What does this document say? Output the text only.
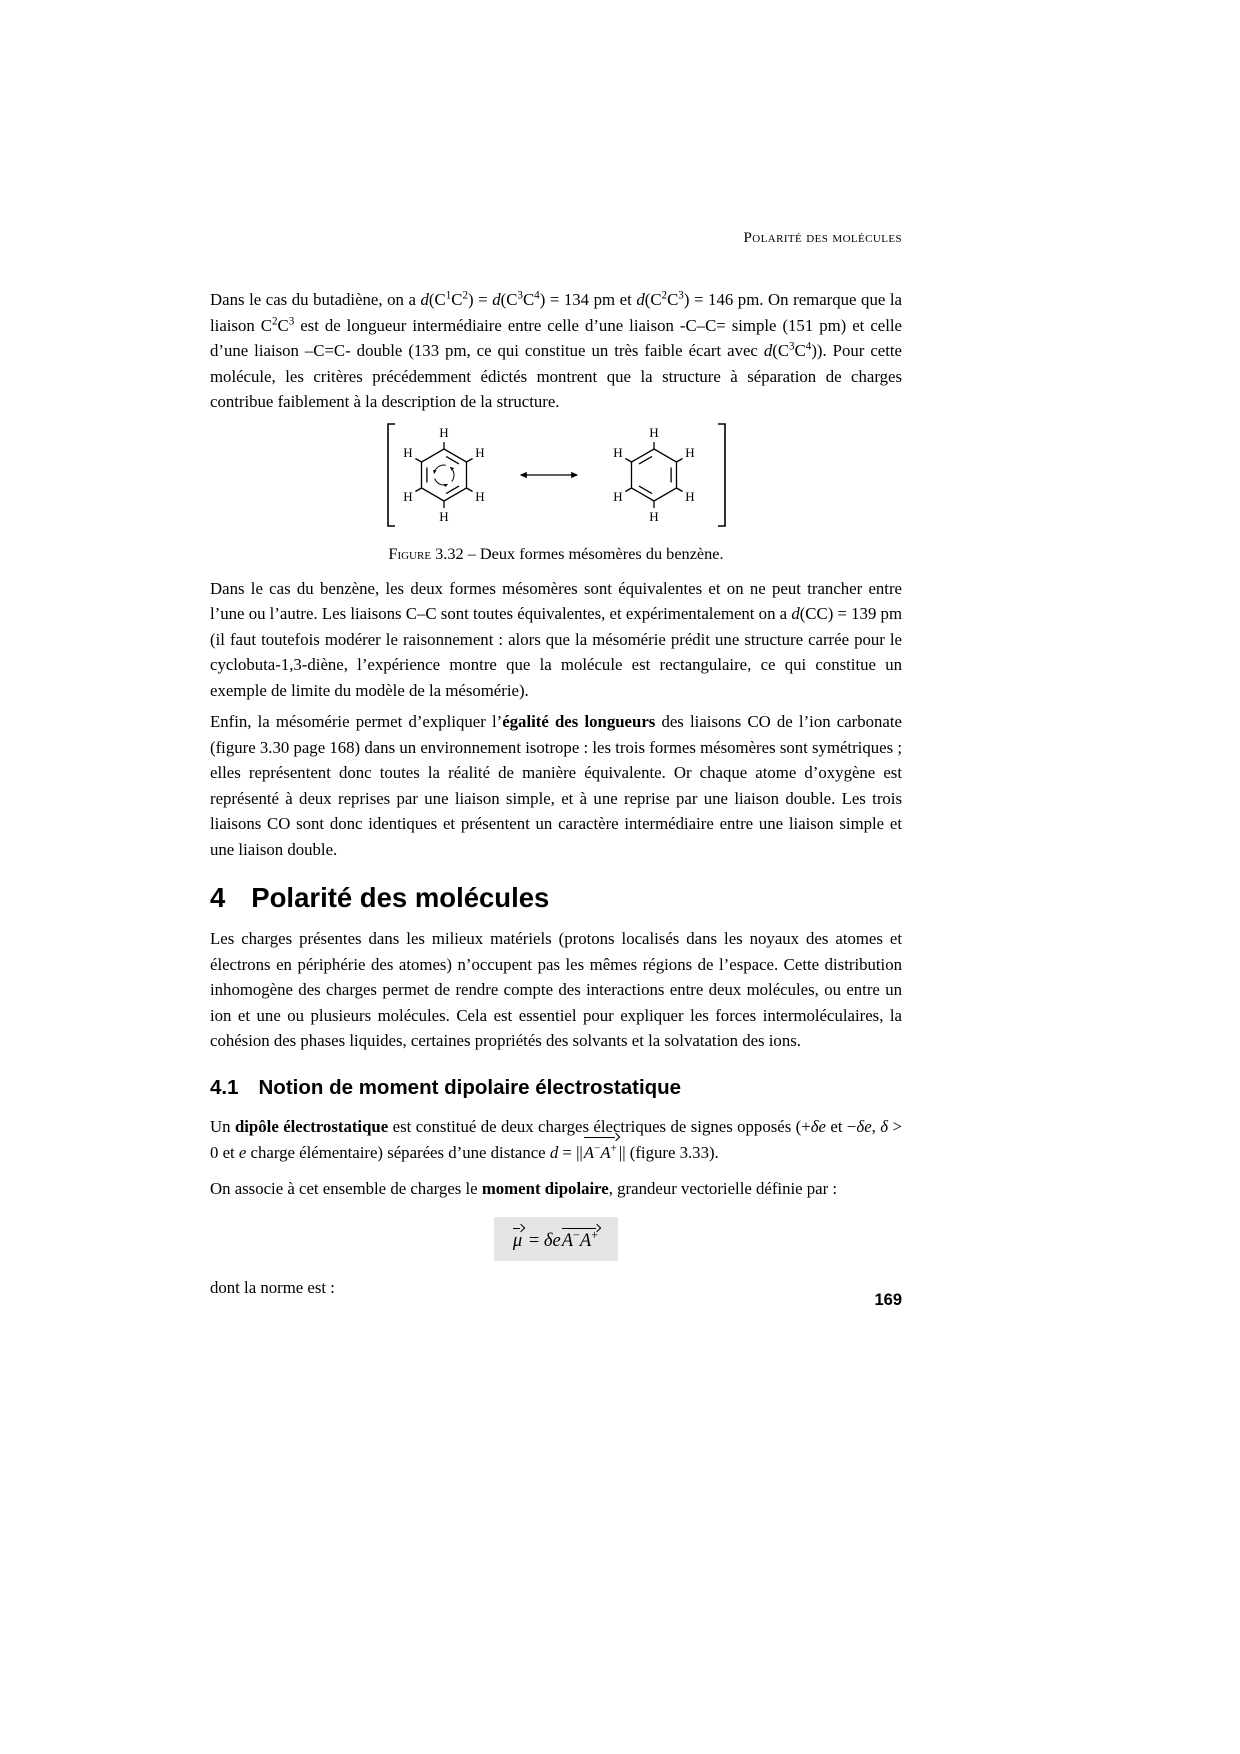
Polarité des molécules

Dans le cas du butadiène, on a $d(C^1C^2) = d(C^3C^4) = 134$ pm et $d(C^2C^3) = 146$ pm. On remarque que la liaison $C^2C^3$ est de longueur intermédiaire entre celle d’une liaison -C–C= simple (151 pm) et celle d’une liaison –C=C- double (133 pm, ce qui constitue un très faible écart avec $d(C^3C^4)$). Pour cette molécule, les critères précédemment édictés montrent que la structure à séparation de charges contribue faiblement à la description de la structure.

H
H
H
H
H
H
H
H
H
H
H
H
Figure 3.32 – Deux formes mésomères du benzène.

Dans le cas du benzène, les deux formes mésomères sont équivalentes et on ne peut trancher entre l’une ou l’autre. Les liaisons C–C sont toutes équivalentes, et expérimentalement on a d(CC) = 139 pm (il faut toutefois modérer le raisonnement : alors que la mésomérie prédit une structure carrée pour le cyclobuta-1,3-diène, l’expérience montre que la molécule est rectangulaire, ce qui constitue un exemple de limite du modèle de la mésomérie).

Enfin, la mésomérie permet d’expliquer l’égalité des longueurs des liaisons CO de l’ion carbonate (figure 3.30 page 168) dans un environnement isotrope : les trois formes mésomères sont symétriques ; elles représentent donc toutes la réalité de manière équivalente. Or chaque atome d’oxygène est représenté à deux reprises par une liaison simple, et à une reprise par une liaison double. Les trois liaisons CO sont donc identiques et présentent un caractère intermédiaire entre une liaison simple et une liaison double.

4 Polarité des molécules

Les charges présentes dans les milieux matériels (protons localisés dans les noyaux des atomes et électrons en périphérie des atomes) n’occupent pas les mêmes régions de l’espace. Cette distribution inhomogène des charges permet de rendre compte des interactions entre deux molécules, ou entre un ion et une ou plusieurs molécules. Cela est essentiel pour expliquer les forces intermoléculaires, la cohésion des phases liquides, certaines propriétés des solvants et la solvatation des ions.

4.1 Notion de moment dipolaire électrostatique

Un dipôle électrostatique est constitué de deux charges électriques de signes opposés (+δe et −δe, δ > 0 et e charge élémentaire) séparées d’une distance d = ||A−A+ || (figure 3.33).

On associe à cet ensemble de charges le moment dipolaire, grandeur vectorielle définie par :

μ = δeA−A+

dont la norme est :

169
